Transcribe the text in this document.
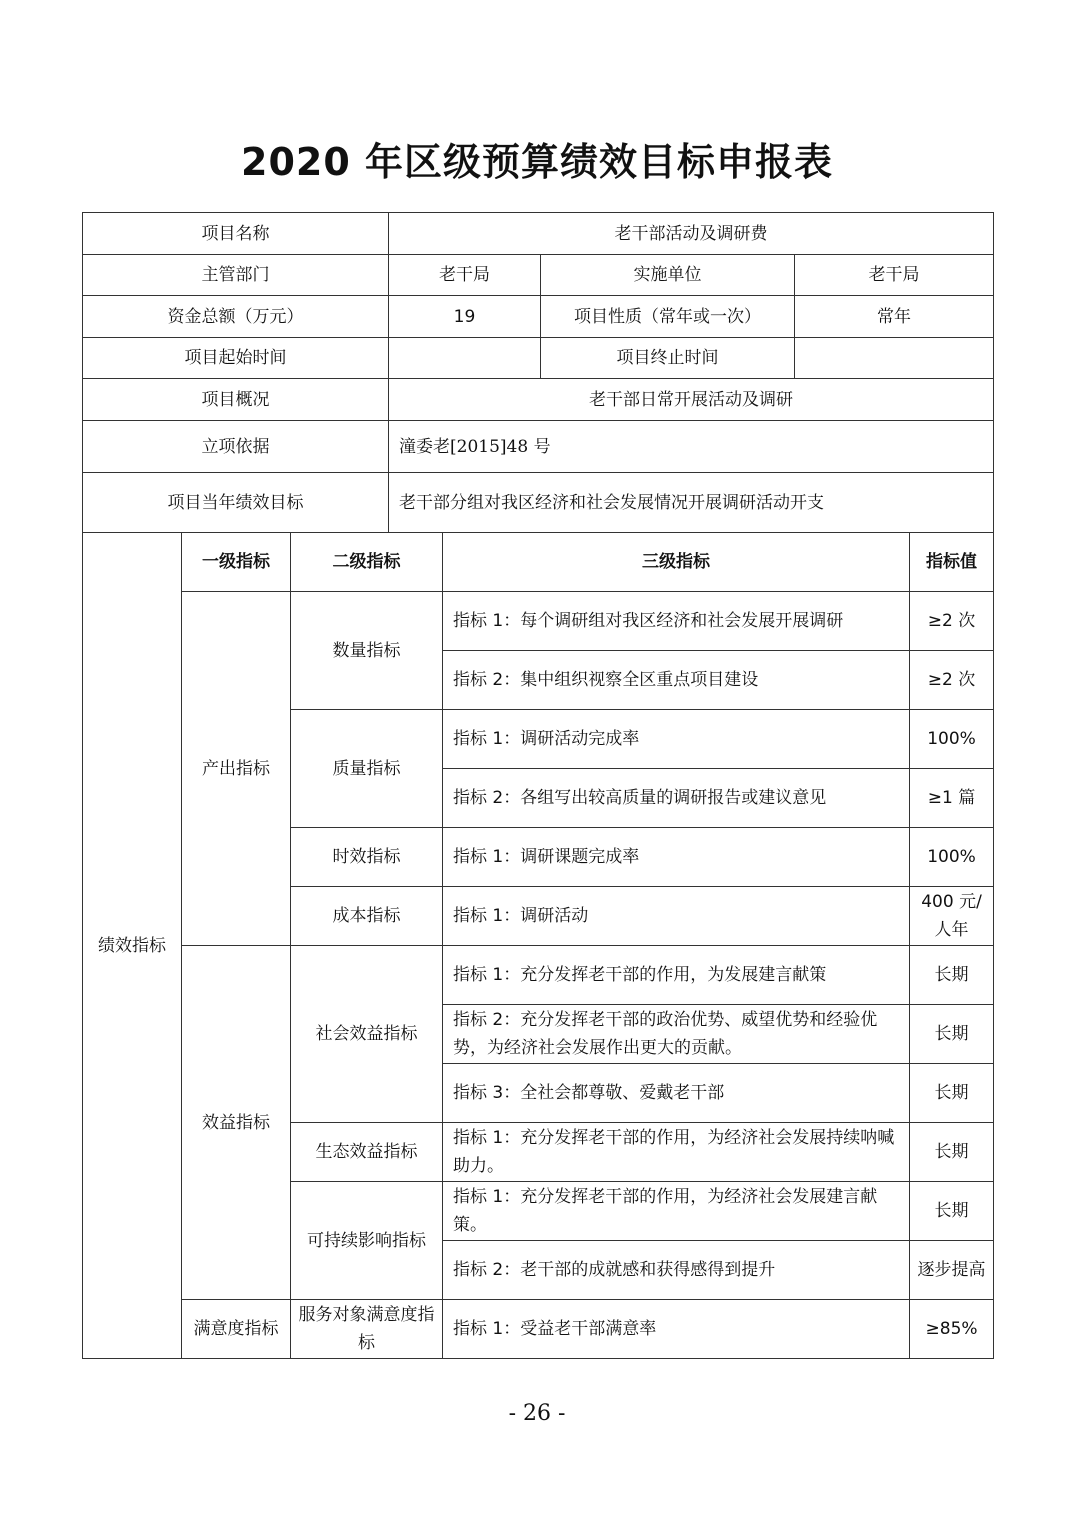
2020 年区级预算绩效目标申报表
项目名称			老干部活动及调研费				
主管部门			老干局		实施单位	老干局	
资金总额（万元）			19		项目性质（常年或一次）	常年	
项目起始时间					项目终止时间		
项目概况			老干部日常开展活动及调研				
立项依据			潼委老[2015]48 号				
项目当年绩效目标			老干部分组对我区经济和社会发展情况开展调研活动开支				
绩效指标	一级指标	二级指标		三级指标			指标值
	产出指标	数量指标		指标 1：每个调研组对我区经济和社会发展开展调研			≥2 次
				指标 2：集中组织视察全区重点项目建设			≥2 次
		质量指标		指标 1：调研活动完成率			100%
				指标 2：各组写出较高质量的调研报告或建议意见			≥1 篇
		时效指标		指标 1：调研课题完成率			100%
		成本指标		指标 1：调研活动			400 元/人年
	效益指标	社会效益指标		指标 1：充分发挥老干部的作用，为发展建言献策			长期
				指标 2：充分发挥老干部的政治优势、威望优势和经验优势，为经济社会发展作出更大的贡献。			长期
				指标 3：全社会都尊敬、爱戴老干部			长期
		生态效益指标		指标 1：充分发挥老干部的作用，为经济社会发展持续呐喊助力。			长期
		可持续影响指标		指标 1：充分发挥老干部的作用，为经济社会发展建言献策。			长期
				指标 2：老干部的成就感和获得感得到提升			逐步提高
	满意度指标	服务对象满意度指标		指标 1：受益老干部满意率			≥85%
- 26 -
